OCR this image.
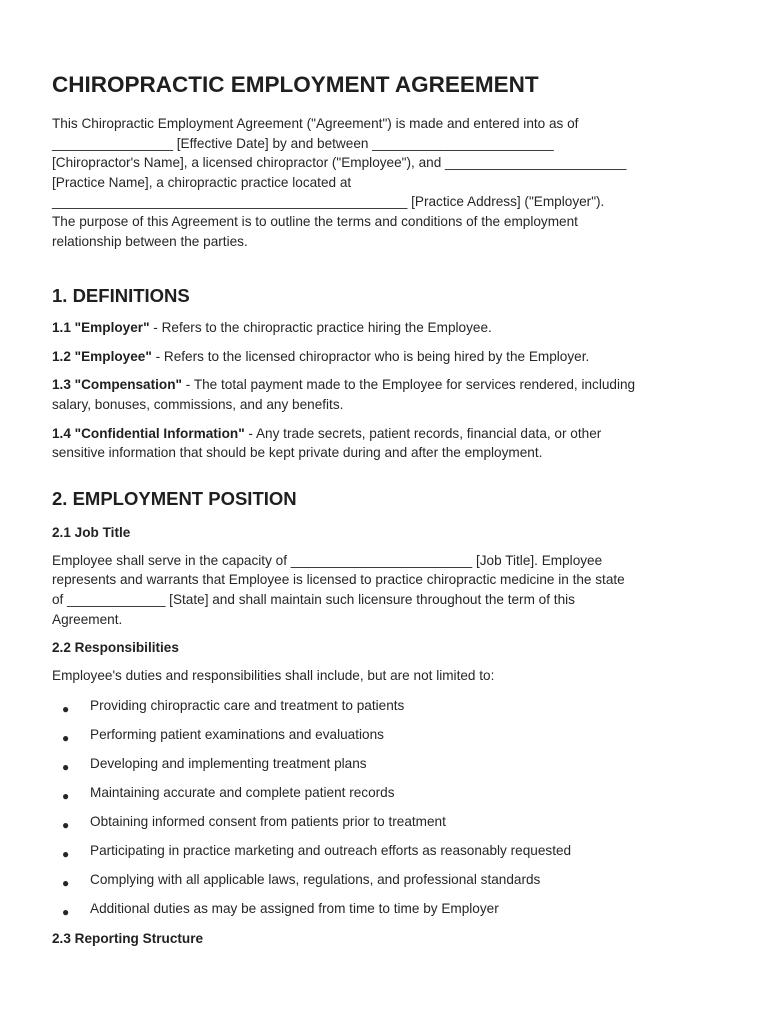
CHIROPRACTIC EMPLOYMENT AGREEMENT

This Chiropractic Employment Agreement ("Agreement") is made and entered into as of

________________ [Effective Date] by and between ________________________

[Chiropractor's Name], a licensed chiropractor ("Employee"), and ________________________

[Practice Name], a chiropractic practice located at

_______________________________________________ [Practice Address] ("Employer").

The purpose of this Agreement is to outline the terms and conditions of the employment

relationship between the parties.

1. DEFINITIONS

1.1 "Employer" - Refers to the chiropractic practice hiring the Employee.

1.2 "Employee" - Refers to the licensed chiropractor who is being hired by the Employer.

1.3 "Compensation" - The total payment made to the Employee for services rendered, including
salary, bonuses, commissions, and any benefits.

1.4 "Confidential Information" - Any trade secrets, patient records, financial data, or other
sensitive information that should be kept private during and after the employment.

2. EMPLOYMENT POSITION
2.1 Job Title

Employee shall serve in the capacity of ________________________ [Job Title]. Employee

represents and warrants that Employee is licensed to practice chiropractic medicine in the state

of _____________ [State] and shall maintain such licensure throughout the term of this

Agreement.

2.2 Responsibilities

Employee's duties and responsibilities shall include, but are not limited to:

● Providing chiropractic care and treatment to patients
● Performing patient examinations and evaluations
● Developing and implementing treatment plans
● Maintaining accurate and complete patient records
● Obtaining informed consent from patients prior to treatment
● Participating in practice marketing and outreach efforts as reasonably requested
● Complying with all applicable laws, regulations, and professional standards
● Additional duties as may be assigned from time to time by Employer
2.3 Reporting Structure
